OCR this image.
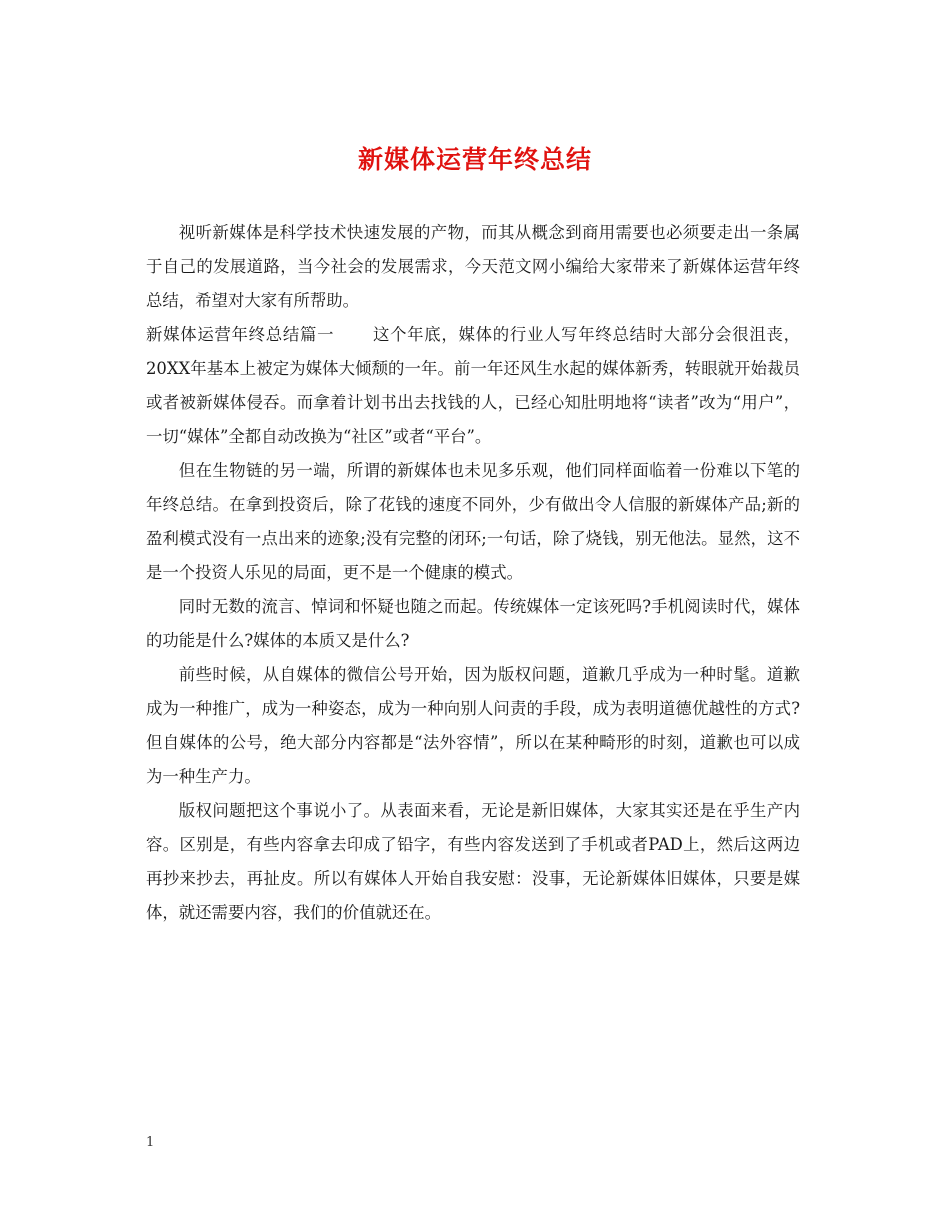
新媒体运营年终总结

视听新媒体是科学技术快速发展的产物，而其从概念到商用需要也必须要走出一条属于自己的发展道路，当今社会的发展需求，今天范文网小编给大家带来了新媒体运营年终总结，希望对大家有所帮助。

新媒体运营年终总结篇一 这个年底，媒体的行业人写年终总结时大部分会很沮丧，20XX年基本上被定为媒体大倾颓的一年。前一年还风生水起的媒体新秀，转眼就开始裁员或者被新媒体侵吞。而拿着计划书出去找钱的人，已经心知肚明地将“读者”改为“用户”，一切“媒体”全都自动改换为“社区”或者“平台”。

但在生物链的另一端，所谓的新媒体也未见多乐观，他们同样面临着一份难以下笔的年终总结。在拿到投资后，除了花钱的速度不同外，少有做出令人信服的新媒体产品;新的盈利模式没有一点出来的迹象;没有完整的闭环;一句话，除了烧钱，别无他法。显然，这不是一个投资人乐见的局面，更不是一个健康的模式。

同时无数的流言、悼词和怀疑也随之而起。传统媒体一定该死吗?手机阅读时代，媒体的功能是什么?媒体的本质又是什么?

前些时候，从自媒体的微信公号开始，因为版权问题，道歉几乎成为一种时髦。道歉成为一种推广，成为一种姿态，成为一种向别人问责的手段，成为表明道德优越性的方式?但自媒体的公号，绝大部分内容都是“法外容情”，所以在某种畸形的时刻，道歉也可以成为一种生产力。

版权问题把这个事说小了。从表面来看，无论是新旧媒体，大家其实还是在乎生产内容。区别是，有些内容拿去印成了铅字，有些内容发送到了手机或者PAD上，然后这两边再抄来抄去，再扯皮。所以有媒体人开始自我安慰：没事，无论新媒体旧媒体，只要是媒体，就还需要内容，我们的价值就还在。

1
